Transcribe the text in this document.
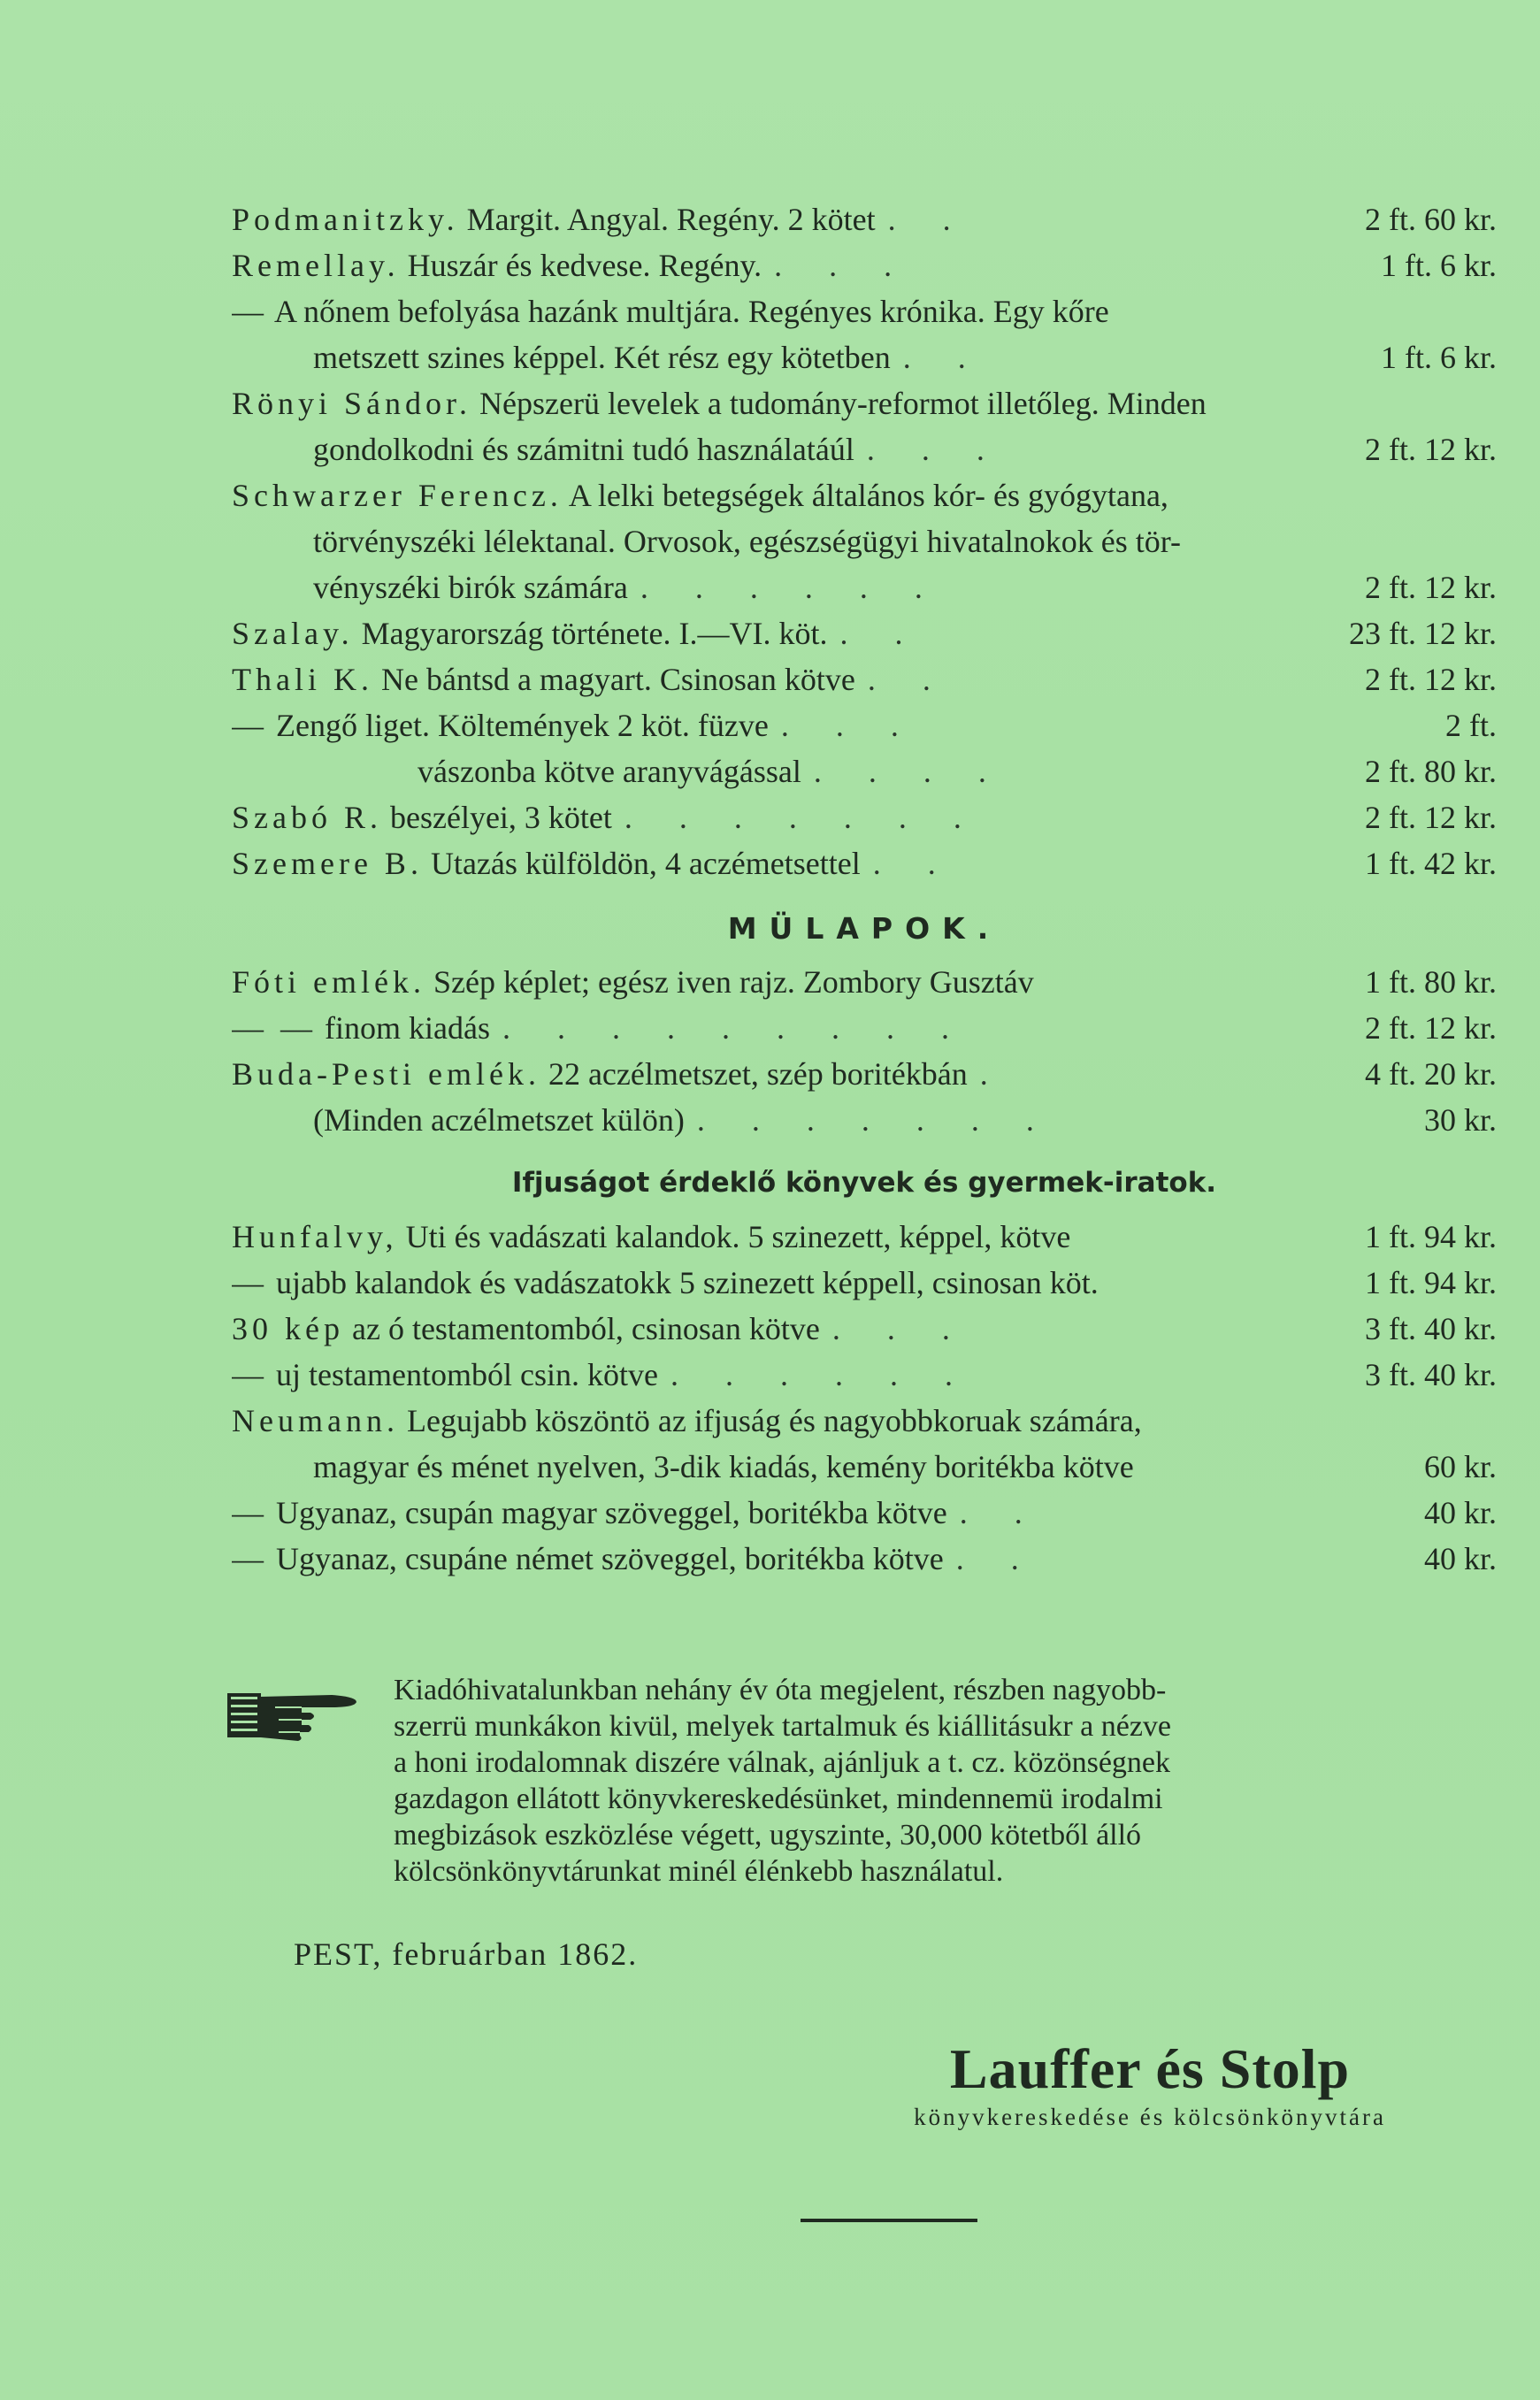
Podmanitzky. Margit. Angyal. Regény. 2 kötet . .	2 ft. 60 kr.
Remellay. Huszár és kedvese. Regény. . . .	1 ft. 6 kr.
— A nőnem befolyása hazánk multjára. Regényes krónika. Egy kőre
metszett szines képpel. Két rész egy kötetben . .	1 ft. 6 kr.
Rönyi Sándor. Népszerü levelek a tudomány-reformot illetőleg. Minden
gondolkodni és számitni tudó használatáúl . . .	2 ft. 12 kr.
Schwarzer Ferencz. A lelki betegségek általános kór- és gyógytana,
törvényszéki lélektanal. Orvosok, egészségügyi hivatalnokok és tör-
vényszéki birók számára . . . . . .	2 ft. 12 kr.
Szalay. Magyarország története. I.—VI. köt. . .	23 ft. 12 kr.
Thali K. Ne bántsd a magyart. Csinosan kötve . .	2 ft. 12 kr.
— Zengő liget. Költemények 2 köt. füzve . . .	2 ft.
vászonba kötve aranyvágással . . . .	2 ft. 80 kr.
Szabó R. beszélyei, 3 kötet . . . . . . .	2 ft. 12 kr.
Szemere B. Utazás külföldön, 4 aczémetsettel . .	1 ft. 42 kr.
MÜLAPOK.
Fóti emlék. Szép képlet; egész iven rajz. Zombory Gusztáv	1 ft. 80 kr.
— — finom kiadás . . . . . . . . .	2 ft. 12 kr.
Buda-Pesti emlék. 22 aczélmetszet, szép boritékbán .	4 ft. 20 kr.
(Minden aczélmetszet külön) . . . . . . .	30 kr.
Ifjuságot érdeklő könyvek és gyermek-iratok.
Hunfalvy, Uti és vadászati kalandok. 5 szinezett, képpel, kötve	1 ft. 94 kr.
— ujabb kalandok és vadászatokk 5 szinezett képpell, csinosan köt.	1 ft. 94 kr.
30 kép az ó testamentomból, csinosan kötve . . .	3 ft. 40 kr.
— uj testamentomból csin. kötve . . . . . .	3 ft. 40 kr.
Neumann. Legujabb köszöntö az ifjuság és nagyobbkoruak számára,
magyar és ménet nyelven, 3-dik kiadás, kemény boritékba kötve	60 kr.
— Ugyanaz, csupán magyar szöveggel, boritékba kötve . .	40 kr.
— Ugyanaz, csupáne német szöveggel, boritékba kötve . .	40 kr.

Kiadóhivatalunkban nehány év óta megjelent, részben nagyobb-

szerrü munkákon kivül, melyek tartalmuk és kiállitásukr a nézve

a honi irodalomnak diszére válnak, ajánljuk a t. cz. közönségnek

gazdagon ellátott könyvkereskedésünket, mindennemü irodalmi

megbizások eszközlése végett, ugyszinte, 30,000 kötetből álló

kölcsönkönyvtárunkat minél élénkebb használatul.

PEST, februárban 1862.
Lauffer és Stolp
könyvkereskedése és kölcsönkönyvtára
